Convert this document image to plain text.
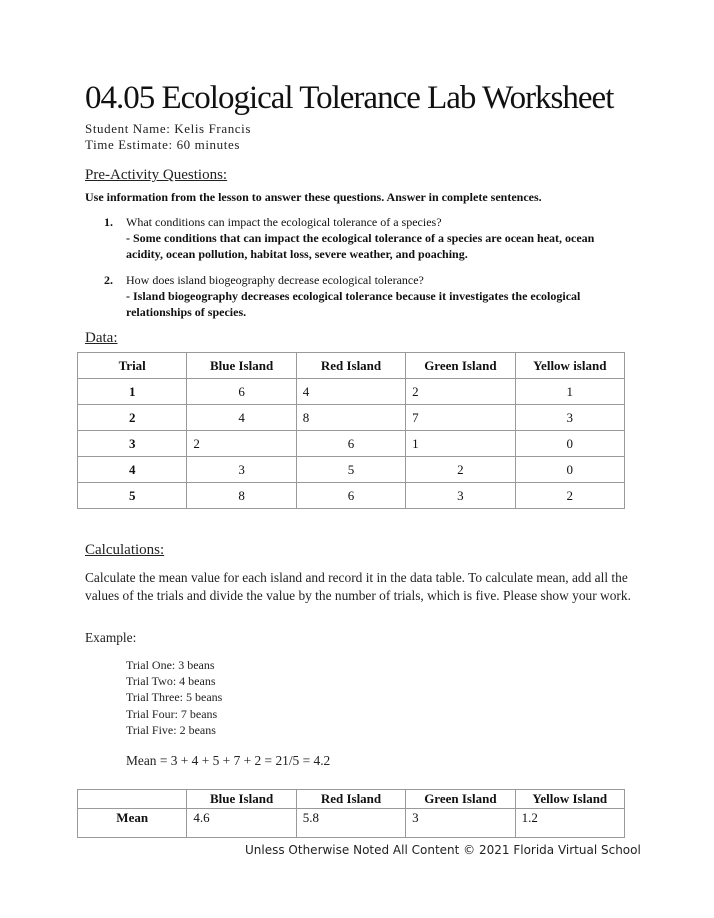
04.05 Ecological Tolerance Lab Worksheet
Student Name: Kelis Francis
Time Estimate: 60 minutes
Pre-Activity Questions:
Use information from the lesson to answer these questions. Answer in complete sentences.
1. What conditions can impact the ecological tolerance of a species?
- Some conditions that can impact the ecological tolerance of a species are ocean heat, ocean acidity, ocean pollution, habitat loss, severe weather, and poaching.
2. How does island biogeography decrease ecological tolerance?
- Island biogeography decreases ecological tolerance because it investigates the ecological relationships of species.
Data:
Trial	Blue Island	Red Island	Green Island	Yellow island
1	6	4	2	1
2	4	8	7	3
3	2	6	1	0
4	3	5	2	0
5	8	6	3	2
Calculations:
Calculate the mean value for each island and record it in the data table. To calculate mean, add all the values of the trials and divide the value by the number of trials, which is five. Please show your work.
Example:
Trial One: 3 beans
Trial Two: 4 beans
Trial Three: 5 beans
Trial Four: 7 beans
Trial Five: 2 beans
Mean = 3 + 4 + 5 + 7 + 2 = 21/5 = 4.2
	Blue Island	Red Island	Green Island	Yellow Island
Mean	4.6	5.8	3	1.2
Unless Otherwise Noted All Content © 2021 Florida Virtual School
